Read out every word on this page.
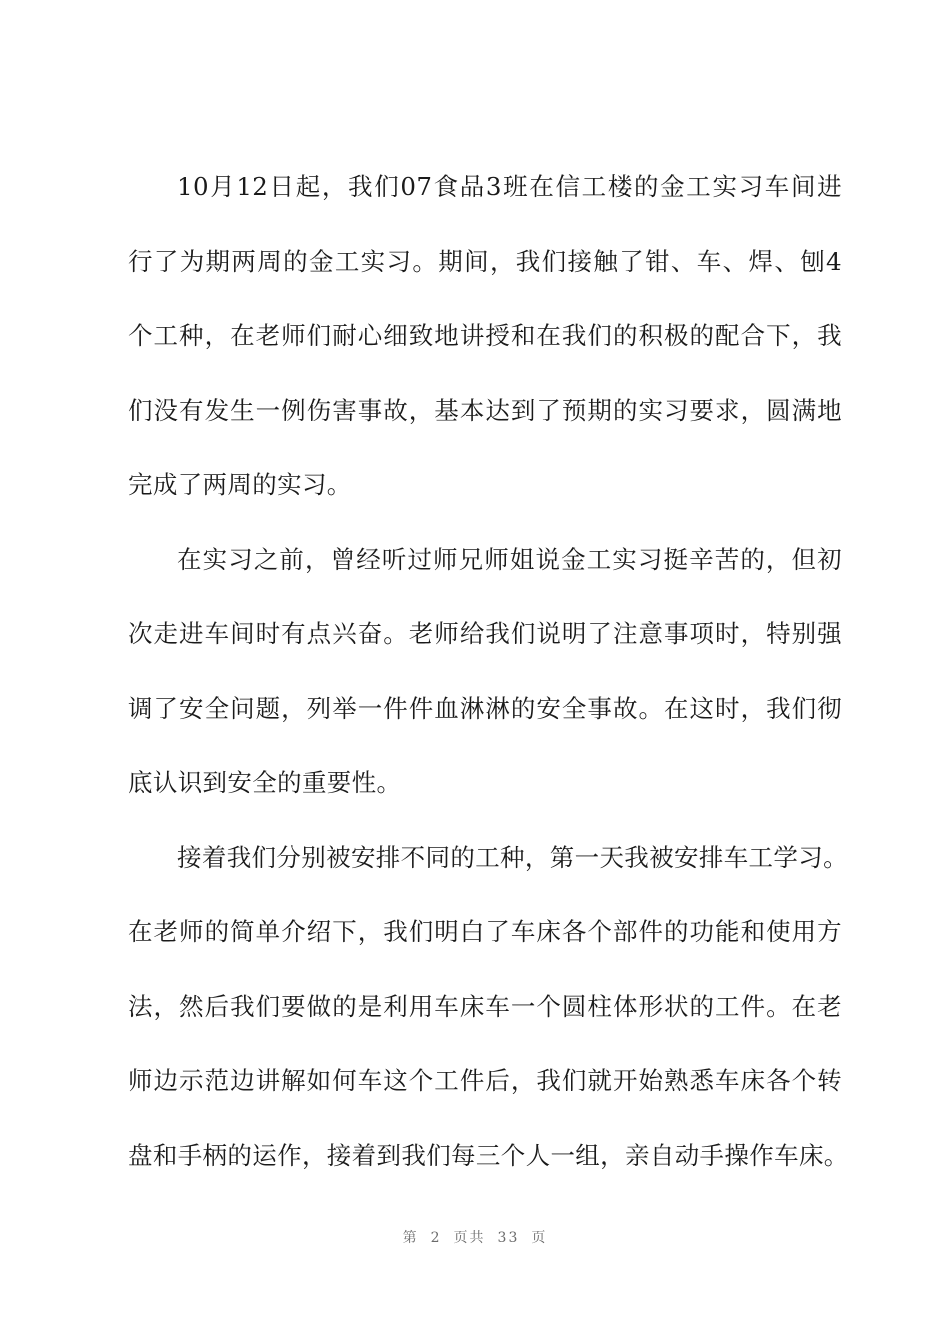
10月12日起，我们07食品3班在信工楼的金工实习车间进
行了为期两周的金工实习。期间，我们接触了钳、车、焊、刨4
个工种，在老师们耐心细致地讲授和在我们的积极的配合下，我
们没有发生一例伤害事故，基本达到了预期的实习要求，圆满地
完成了两周的实习。
在实习之前，曾经听过师兄师姐说金工实习挺辛苦的，但初
次走进车间时有点兴奋。老师给我们说明了注意事项时，特别强
调了安全问题，列举一件件血淋淋的安全事故。在这时，我们彻
底认识到安全的重要性。
接着我们分别被安排不同的工种，第一天我被安排车工学习。
在老师的简单介绍下，我们明白了车床各个部件的功能和使用方
法，然后我们要做的是利用车床车一个圆柱体形状的工件。在老
师边示范边讲解如何车这个工件后，我们就开始熟悉车床各个转
盘和手柄的运作，接着到我们每三个人一组，亲自动手操作车床。
第 2 页共 33 页
